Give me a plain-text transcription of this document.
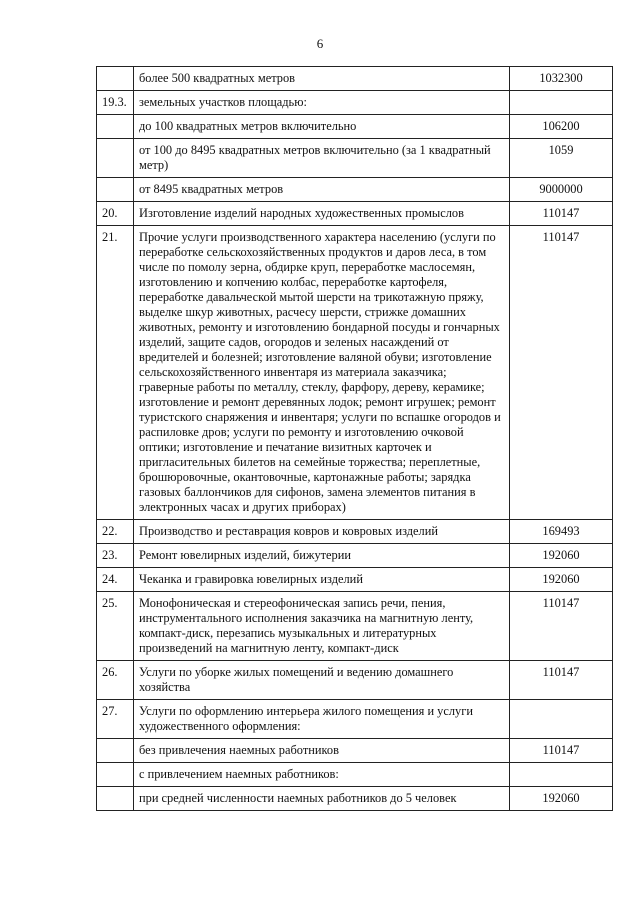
6
	более 500 квадратных метров	1032300
19.3.	земельных участков площадью:	
	до 100 квадратных метров включительно	106200
	от 100 до 8495 квадратных метров включительно (за 1 квадратный метр)	1059
	от 8495 квадратных метров	9000000
20.	Изготовление изделий народных художественных промыслов	110147
21.	Прочие услуги производственного характера населению (услуги по переработке сельскохозяйственных продуктов и даров леса, в том числе по помолу зерна, обдирке круп, переработке маслосемян, изготовлению и копчению колбас, переработке картофеля, переработке давальческой мытой шерсти на трикотажную пряжу, выделке шкур животных, расчесу шерсти, стрижке домашних животных, ремонту и изготовлению бондарной посуды и гончарных изделий, защите садов, огородов и зеленых насаждений от вредителей и болезней; изготовление валяной обуви; изготовление сельскохозяйственного инвентаря из материала заказчика; граверные работы по металлу, стеклу, фарфору, дереву, керамике; изготовление и ремонт деревянных лодок; ремонт игрушек; ремонт туристского снаряжения и инвентаря; услуги по вспашке огородов и распиловке дров; услуги по ремонту и изготовлению очковой оптики; изготовление и печатание визитных карточек и пригласительных билетов на семейные торжества; переплетные, брошюровочные, окантовочные, картонажные работы; зарядка газовых баллончиков для сифонов, замена элементов питания в электронных часах и других приборах)	110147
22.	Производство и реставрация ковров и ковровых изделий	169493
23.	Ремонт ювелирных изделий, бижутерии	192060
24.	Чеканка и гравировка ювелирных изделий	192060
25.	Монофоническая и стереофоническая запись речи, пения, инструментального исполнения заказчика на магнитную ленту, компакт-диск, перезапись музыкальных и литературных произведений на магнитную ленту, компакт-диск	110147
26.	Услуги по уборке жилых помещений и ведению домашнего хозяйства	110147
27.	Услуги по оформлению интерьера жилого помещения и услуги художественного оформления:	
	без привлечения наемных работников	110147
	с привлечением наемных работников:	
	при средней численности наемных работников до 5 человек	192060
